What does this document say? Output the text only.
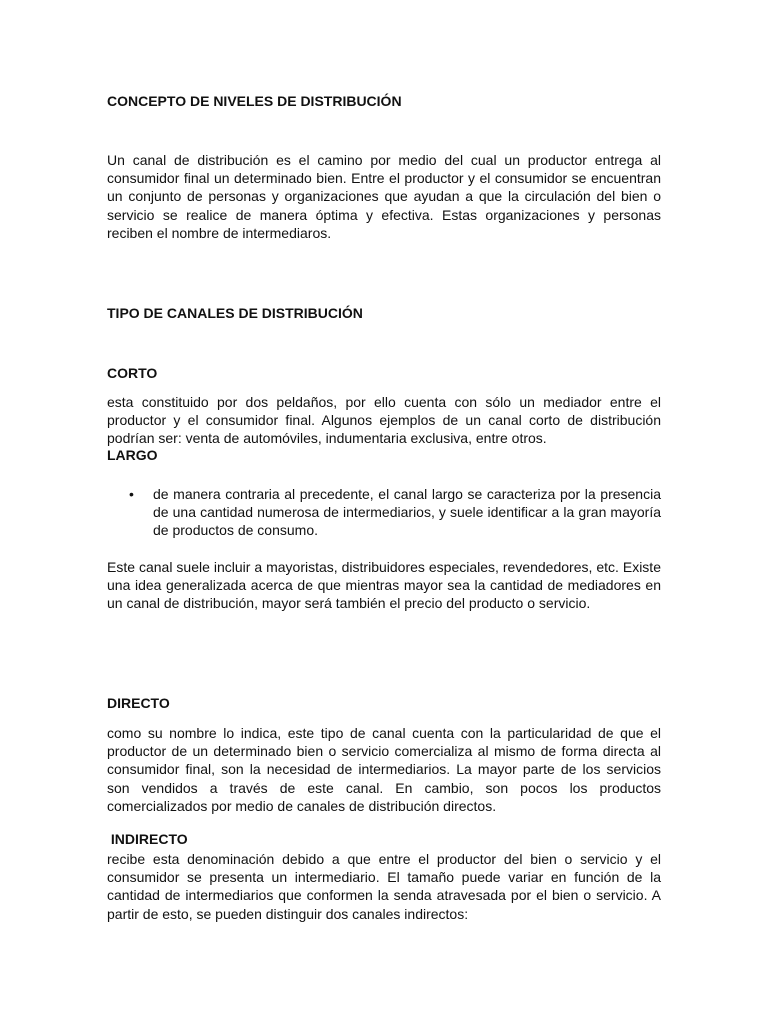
CONCEPTO DE NIVELES DE DISTRIBUCIÓN

Un canal de distribución es el camino por medio del cual un productor entrega al consumidor final un determinado bien. Entre el productor y el consumidor se encuentran un conjunto de personas y organizaciones que ayudan a que la circulación del bien o servicio se realice de manera óptima y efectiva. Estas organizaciones y personas reciben el nombre de intermediaros.

TIPO DE CANALES DE DISTRIBUCIÓN
CORTO

esta constituido por dos peldaños, por ello cuenta con sólo un mediador entre el productor y el consumidor final. Algunos ejemplos de un canal corto de distribución podrían ser: venta de automóviles, indumentaria exclusiva, entre otros.

LARGO
• de manera contraria al precedente, el canal largo se caracteriza por la presencia de una cantidad numerosa de intermediarios, y suele identificar a la gran mayoría de productos de consumo.

Este canal suele incluir a mayoristas, distribuidores especiales, revendedores, etc. Existe una idea generalizada acerca de que mientras mayor sea la cantidad de mediadores en un canal de distribución, mayor será también el precio del producto o servicio.

DIRECTO

como su nombre lo indica, este tipo de canal cuenta con la particularidad de que el productor de un determinado bien o servicio comercializa al mismo de forma directa al consumidor final, son la necesidad de intermediarios. La mayor parte de los servicios son vendidos a través de este canal. En cambio, son pocos los productos comercializados por medio de canales de distribución directos.

INDIRECTO

recibe esta denominación debido a que entre el productor del bien o servicio y el consumidor se presenta un intermediario. El tamaño puede variar en función de la cantidad de intermediarios que conformen la senda atravesada por el bien o servicio. A partir de esto, se pueden distinguir dos canales indirectos:
